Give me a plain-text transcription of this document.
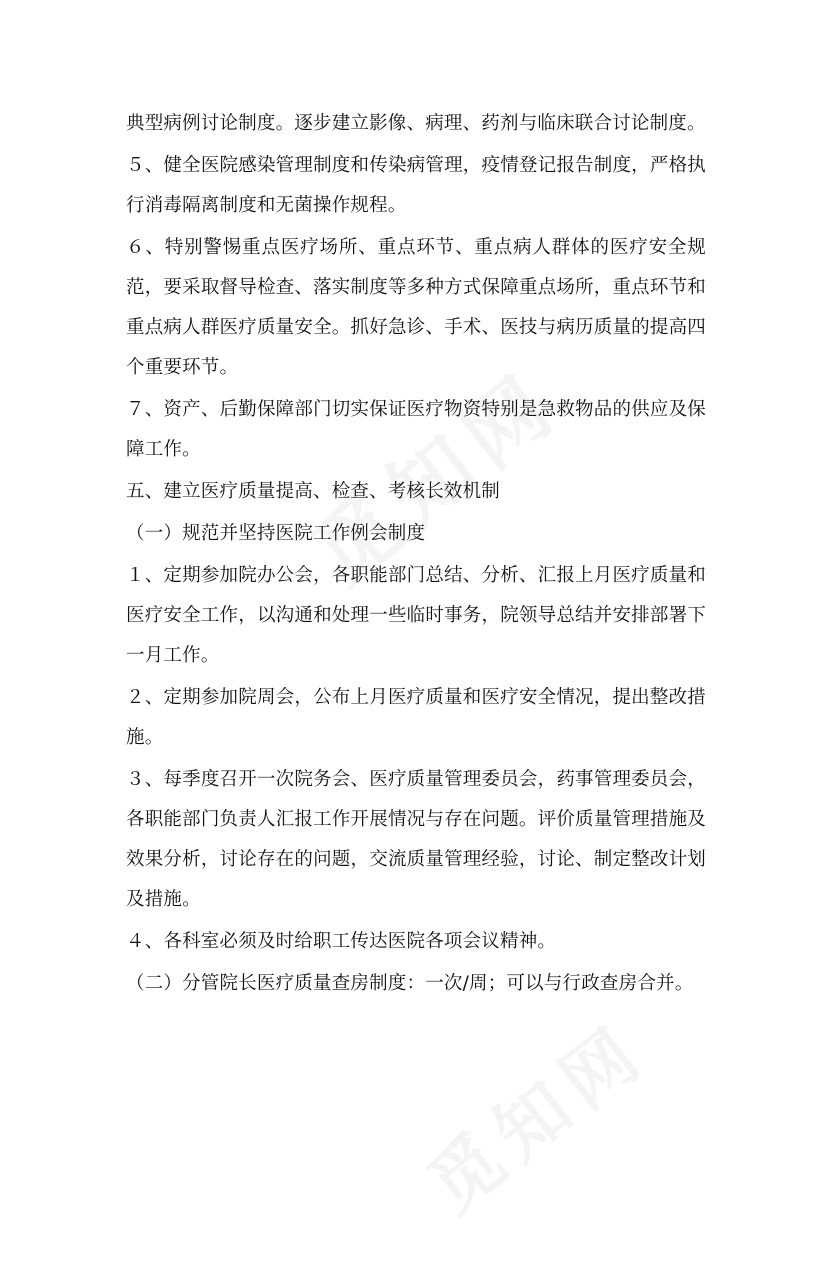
典型病例讨论制度。逐步建立影像、病理、药剂与临床联合讨论制度。

５、健全医院感染管理制度和传染病管理，疫情登记报告制度，严格执行消毒隔离制度和无菌操作规程。

６、特别警惕重点医疗场所、重点环节、重点病人群体的医疗安全规范，要采取督导检查、落实制度等多种方式保障重点场所，重点环节和重点病人群医疗质量安全。抓好急诊、手术、医技与病历质量的提高四个重要环节。

７、资产、后勤保障部门切实保证医疗物资特别是急救物品的供应及保障工作。

五、建立医疗质量提高、检查、考核长效机制

（一）规范并坚持医院工作例会制度

１、定期参加院办公会，各职能部门总结、分析、汇报上月医疗质量和医疗安全工作，以沟通和处理一些临时事务，院领导总结并安排部署下一月工作。

２、定期参加院周会，公布上月医疗质量和医疗安全情况，提出整改措施。

３、每季度召开一次院务会、医疗质量管理委员会，药事管理委员会，各职能部门负责人汇报工作开展情况与存在问题。评价质量管理措施及效果分析，讨论存在的问题，交流质量管理经验，讨论、制定整改计划及措施。

４、各科室必须及时给职工传达医院各项会议精神。

（二）分管院长医疗质量查房制度：一次/周；可以与行政查房合并。
